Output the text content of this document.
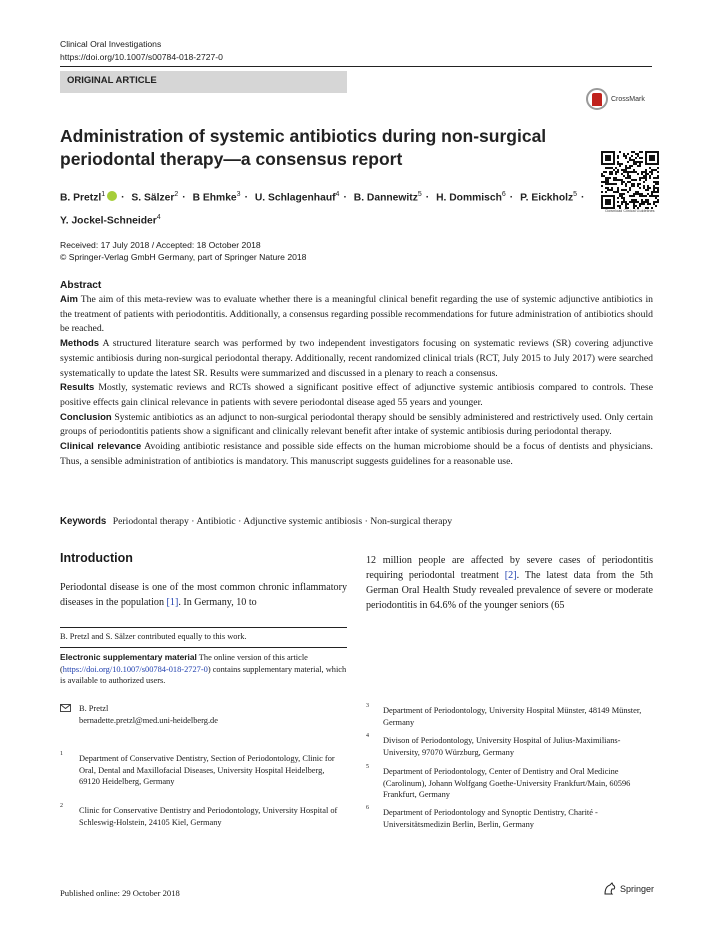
Clinical Oral Investigations
https://doi.org/10.1007/s00784-018-2727-0
ORIGINAL ARTICLE
CrossMark
Administration of systemic antibiotics during non-surgical periodontal therapy—a consensus report
Download Clinical Guidelines
B. Pretzl$^1$ · S. Sälzer$^2$ · B Ehmke$^3$ · U. Schlagenhauf$^4$ · B. Dannewitz$^5$ · H. Dommisch$^6$ · P. Eickholz$^5$ ·
Y. Jockel-Schneider$^4$
Received: 17 July 2018 / Accepted: 18 October 2018
© Springer-Verlag GmbH Germany, part of Springer Nature 2018
Abstract

Aim The aim of this meta-review was to evaluate whether there is a meaningful clinical benefit regarding the use of systemic adjunctive antibiotics in the treatment of patients with periodontitis. Additionally, a consensus regarding possible recommendations for future administration of antibiotics should be reached.

Methods A structured literature search was performed by two independent investigators focusing on systematic reviews (SR) covering adjunctive systemic antibiosis during non-surgical periodontal therapy. Additionally, recent randomized clinical trials (RCT, July 2015 to July 2017) were searched systematically to update the latest SR. Results were summarized and discussed in a plenary to reach a consensus.

Results Mostly, systematic reviews and RCTs showed a significant positive effect of adjunctive systemic antibiosis compared to controls. These positive effects gain clinical relevance in patients with severe periodontal disease aged 55 years and younger.

Conclusion Systemic antibiotics as an adjunct to non-surgical periodontal therapy should be sensibly administered and restrictively used. Only certain groups of periodontitis patients show a significant and clinically relevant benefit after intake of systemic antibiosis during periodontal therapy.

Clinical relevance Avoiding antibiotic resistance and possible side effects on the human microbiome should be a focus of dentists and physicians. Thus, a sensible administration of antibiotics is mandatory. This manuscript suggests guidelines for a reasonable use.

Keywords Periodontal therapy · Antibiotic · Adjunctive systemic antibiosis · Non-surgical therapy
Introduction
Periodontal disease is one of the most common chronic inflammatory diseases in the population [1]. In Germany, 10 to
12 million people are affected by severe cases of periodontitis requiring periodontal treatment [2]. The latest data from the 5th German Oral Health Study revealed prevalence of severe or moderate periodontitis in 64.6% of the younger seniors (65
B. Pretzl and S. Sälzer contributed equally to this work.
Electronic supplementary material The online version of this article (https://doi.org/10.1007/s00784-018-2727-0) contains supplementary material, which is available to authorized users.
B. Pretzl
bernadette.pretzl@med.uni-heidelberg.de
1 Department of Conservative Dentistry, Section of Periodontology, Clinic for Oral, Dental and Maxillofacial Diseases, University Hospital Heidelberg, 69120 Heidelberg, Germany
2 Clinic for Conservative Dentistry and Periodontology, University Hospital of Schleswig-Holstein, 24105 Kiel, Germany
3 Department of Periodontology, University Hospital Münster, 48149 Münster, Germany
4 Divison of Periodontology, University Hospital of Julius-Maximilians-University, 97070 Würzburg, Germany
5 Department of Periodontology, Center of Dentistry and Oral Medicine (Carolinum), Johann Wolfgang Goethe-University Frankfurt/Main, 60596 Frankfurt, Germany
6 Department of Periodontology and Synoptic Dentistry, Charité - Universitätsmedizin Berlin, Berlin, Germany
Published online: 29 October 2018	Springer
